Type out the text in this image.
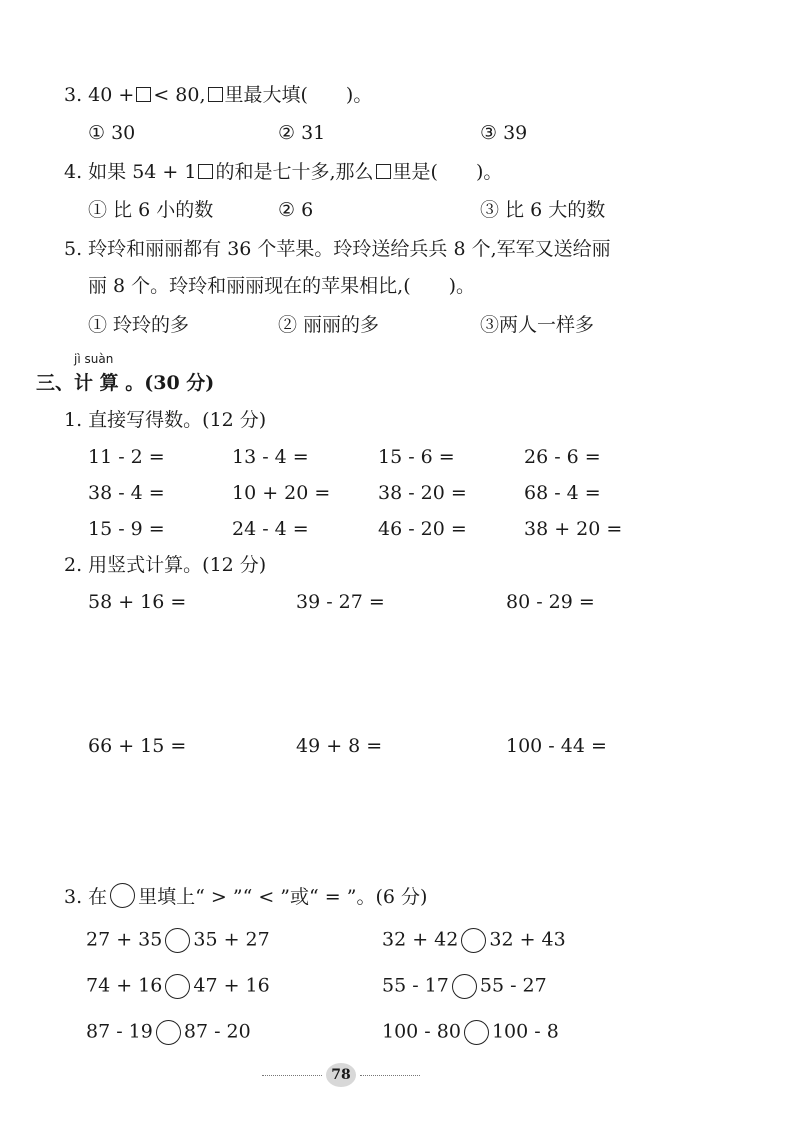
3. 40 + < 80, 里最大填( )。
① 30	② 31	③ 39
4. 如果 54 + 1 的和是七十多,那么 里是( )。
① 比 6 小的数	② 6	③ 比 6 大的数
5. 玲玲和丽丽都有 36 个苹果。玲玲送给兵兵 8 个,军军又送给丽
丽 8 个。玲玲和丽丽现在的苹果相比,( )。
① 玲玲的多	② 丽丽的多	③两人一样多
jì suàn
三、计 算 。(30 分)
1. 直接写得数。(12 分)
11 - 2 =	13 - 4 =	15 - 6 =	26 - 6 =
38 - 4 =	10 + 20 =	38 - 20 =	68 - 4 =
15 - 9 =	24 - 4 =	46 - 20 =	38 + 20 =
2. 用竖式计算。(12 分)
58 + 16 =	39 - 27 =	80 - 29 =
66 + 15 =	49 + 8 =	100 - 44 =
3. 在 里填上“ > ”“ < ”或“ = ”。(6 分)
27 + 35 35 + 27	32 + 42 32 + 43
74 + 16 47 + 16	55 - 17 55 - 27
87 - 19 87 - 20	100 - 80 100 - 8
78
